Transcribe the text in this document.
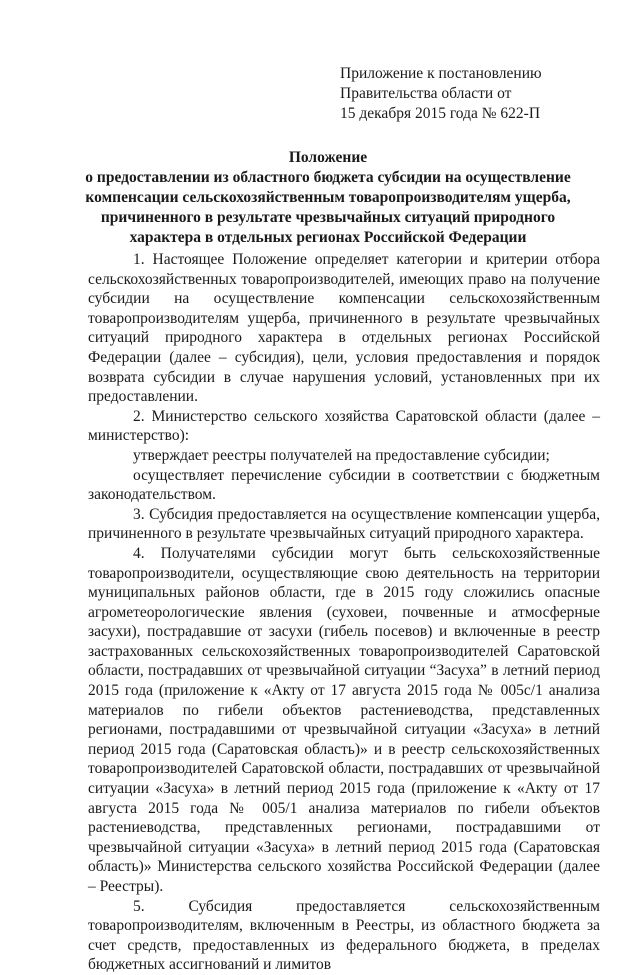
Приложение к постановлению
Правительства области от
15 декабря 2015 года № 622-П
Положение
о предоставлении из областного бюджета субсидии на осуществление
компенсации сельскохозяйственным товаропроизводителям ущерба,
причиненного в результате чрезвычайных ситуаций природного
характера в отдельных регионах Российской Федерации

1. Настоящее Положение определяет категории и критерии отбора сельскохозяйственных товаропроизводителей, имеющих право на получение субсидии на осуществление компенсации сельскохозяйственным товаропроизводителям ущерба, причиненного в результате чрезвычайных ситуаций природного характера в отдельных регионах Российской Федерации (далее – субсидия), цели, условия предоставления и порядок возврата субсидии в случае нарушения условий, установленных при их предоставлении.

2. Министерство сельского хозяйства Саратовской области (далее – министерство):

утверждает реестры получателей на предоставление субсидии;

осуществляет перечисление субсидии в соответствии с бюджетным законодательством.

3. Субсидия предоставляется на осуществление компенсации ущерба, причиненного в результате чрезвычайных ситуаций природного характера.

4. Получателями субсидии могут быть сельскохозяйственные товаропроизводители, осуществляющие свою деятельность на территории муниципальных районов области, где в 2015 году сложились опасные агрометеорологические явления (суховеи, почвенные и атмосферные засухи), пострадавшие от засухи (гибель посевов) и включенные в реестр застрахованных сельскохозяйственных товаропроизводителей Саратовской области, пострадавших от чрезвычайной ситуации “Засуха” в летний период 2015 года (приложение к «Акту от 17 августа 2015 года № 005с/1 анализа материалов по гибели объектов растениеводства, представленных регионами, пострадавшими от чрезвычайной ситуации «Засуха» в летний период 2015 года (Саратовская область)» и в реестр сельскохозяйственных товаропроизводителей Саратовской области, пострадавших от чрезвычайной ситуации «Засуха» в летний период 2015 года (приложение к «Акту от 17 августа 2015 года № 005/1 анализа материалов по гибели объектов растениеводства, представленных регионами, пострадавшими от чрезвычайной ситуации «Засуха» в летний период 2015 года (Саратовская область)» Министерства сельского хозяйства Российской Федерации (далее – Реестры).

5. Субсидия предоставляется сельскохозяйственным товаропроизводителям, включенным в Реестры, из областного бюджета за счет средств, предоставленных из федерального бюджета, в пределах бюджетных ассигнований и лимитов
